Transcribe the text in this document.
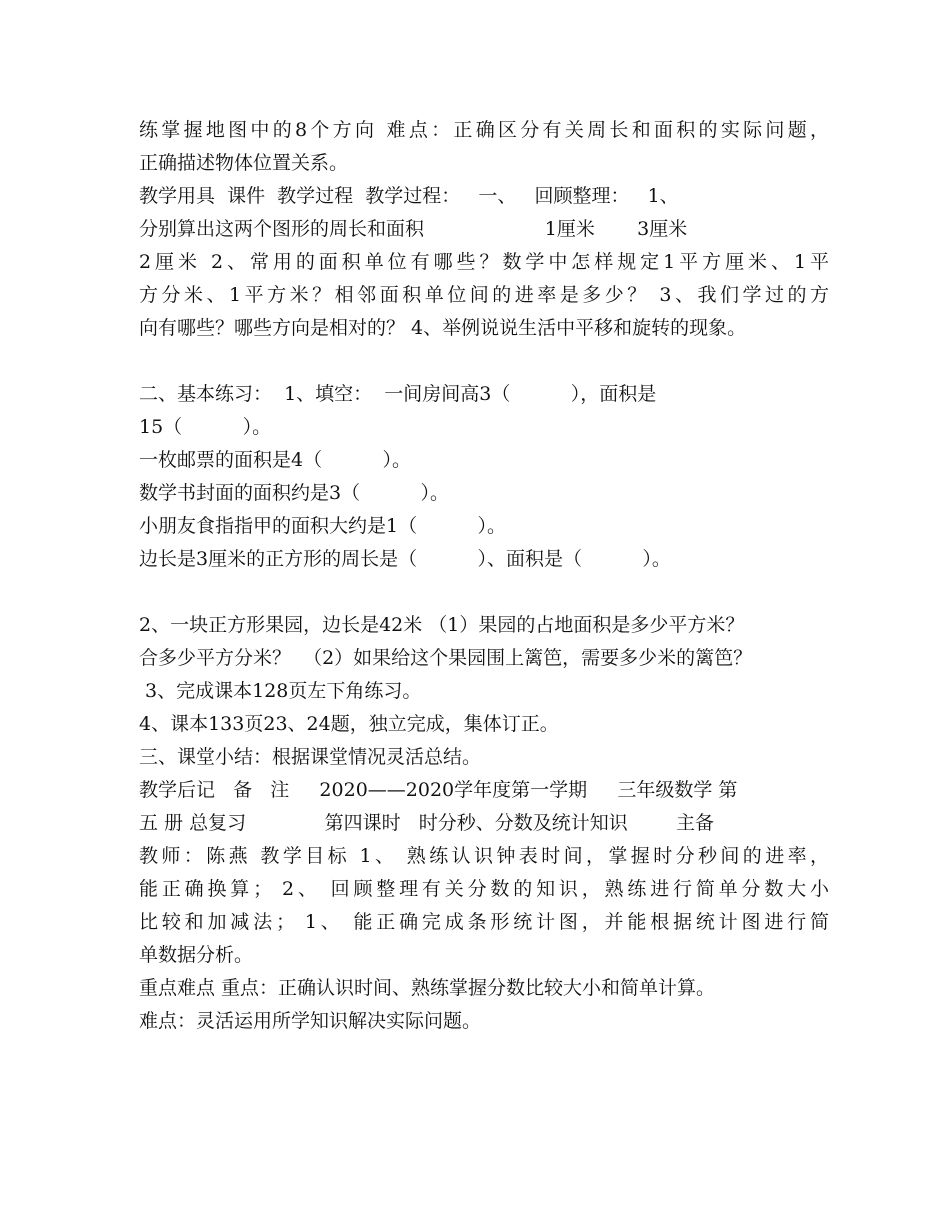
练掌握地图中的8个方向 难点：正确区分有关周长和面积的实际问题，
正确描述物体位置关系。
教学用具  课件  教学过程  教学过程：   一、   回顾整理：   1、
分别算出这两个图形的周长和面积                    1厘米       3厘米
2厘米 2、常用的面积单位有哪些？数学中怎样规定1平方厘米、1平
方分米、1平方米？相邻面积单位间的进率是多少？ 3、我们学过的方
向有哪些？哪些方向是相对的？ 4、举例说说生活中平移和旋转的现象。
二、基本练习：  1、填空：  一间房间高3（          ），面积是
15（          ）。
一枚邮票的面积是4（          ）。
数学书封面的面积约是3（          ）。
小朋友食指指甲的面积大约是1（          ）。
边长是3厘米的正方形的周长是（          ）、面积是（          ）。
2、一块正方形果园，边长是42米 （1）果园的占地面积是多少平方米？
合多少平方分米？  （2）如果给这个果园围上篱笆，需要多少米的篱笆？
3、完成课本128页左下角练习。
4、课本133页23、24题，独立完成，集体订正。
三、课堂小结：根据课堂情况灵活总结。
教学后记   备   注     2020——2020学年度第一学期     三年级数学 第
五 册 总复习             第四课时   时分秒、分数及统计知识        主备
教师：陈燕 教学目标 1、 熟练认识钟表时间，掌握时分秒间的进率，
能正确换算； 2、 回顾整理有关分数的知识，熟练进行简单分数大小
比较和加减法； 1、 能正确完成条形统计图，并能根据统计图进行简
单数据分析。
重点难点 重点：正确认识时间、熟练掌握分数比较大小和简单计算。
难点：灵活运用所学知识解决实际问题。
